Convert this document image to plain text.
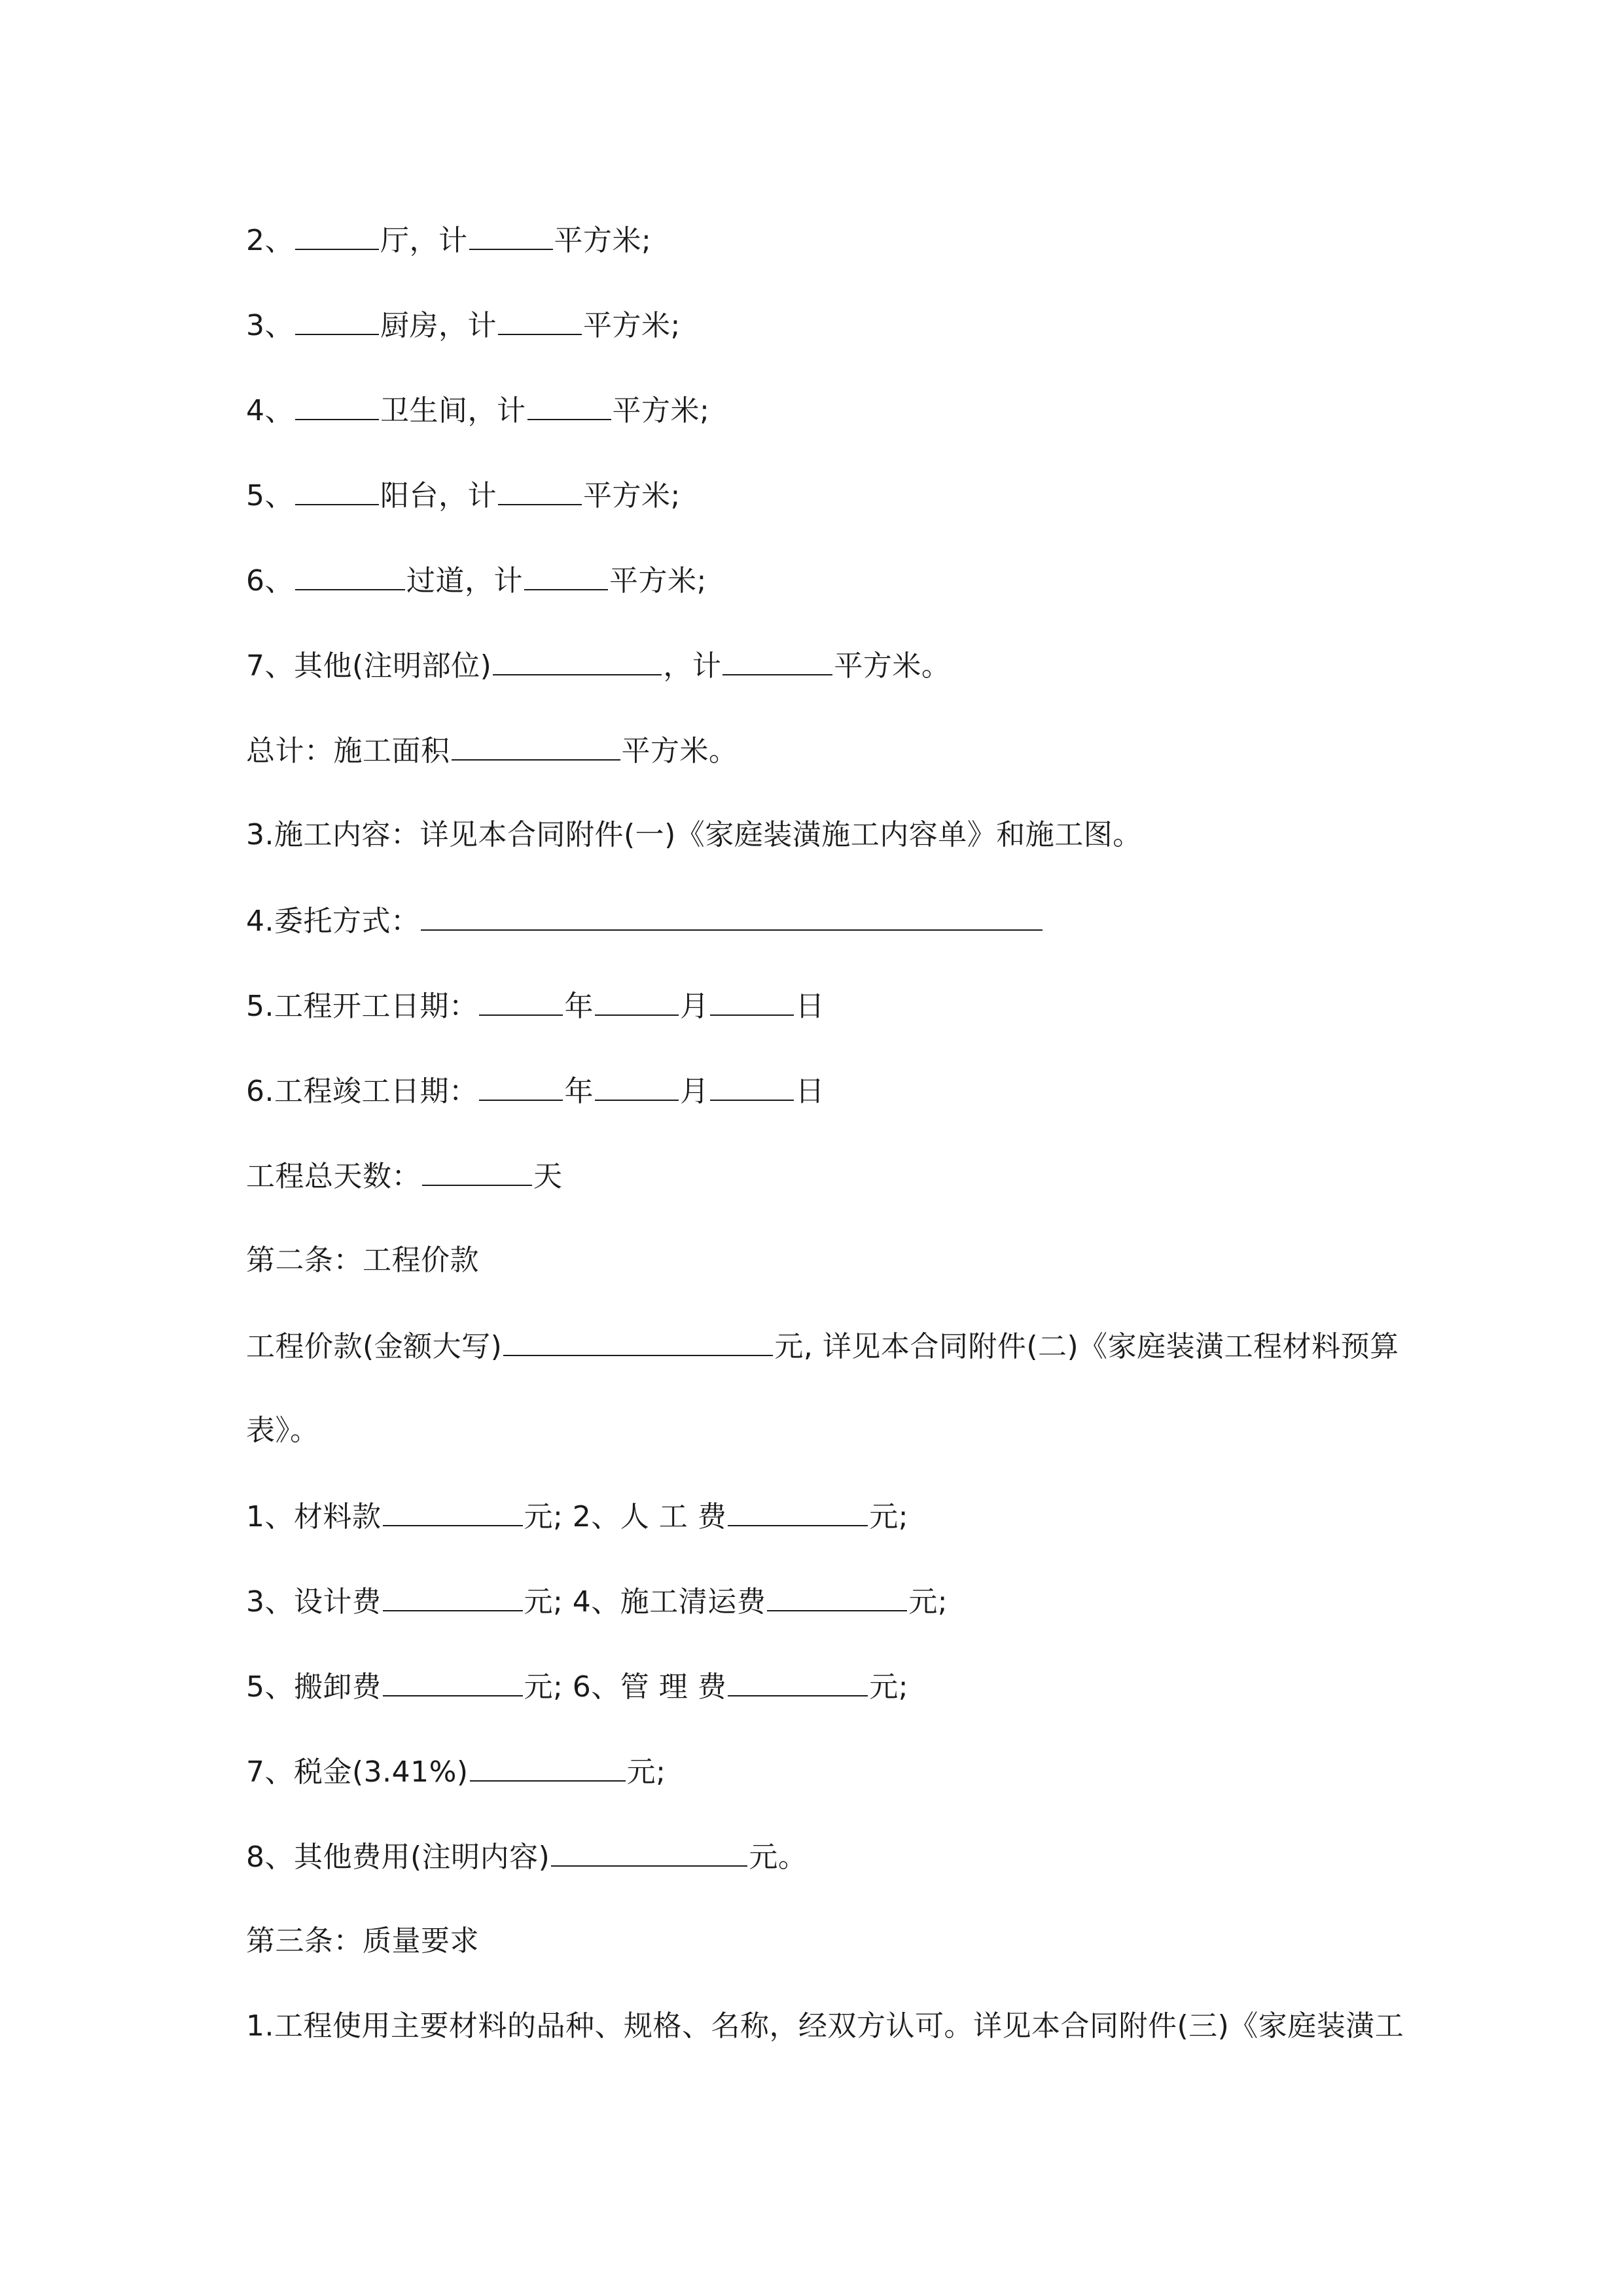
2、	厅，计	平方米;
3、	厨房，计	平方米;
4、	卫生间，计	平方米;
5、	阳台，计	平方米;
6、	过道，计	平方米;
7、其他(注明部位)	，计	平方米。
总计：施工面积	平方米。
3.施工内容：详见本合同附件(一)《家庭装潢施工内容单》和施工图。
4.委托方式：
5.工程开工日期：	年	月	日
6.工程竣工日期：	年	月	日
工程总天数：	天
第二条：工程价款
工程价款(金额大写)	元, 详见本合同附件(二)《家庭装潢工程材料预算
表》。
1、材料款	元; 2、人 工 费	元;
3、设计费	元; 4、施工清运费	元;
5、搬卸费	元; 6、管 理 费	元;
7、税金(3.41%)	元;
8、其他费用(注明内容)	元。
第三条：质量要求
1.工程使用主要材料的品种、规格、名称，经双方认可。详见本合同附件(三)《家庭装潢工
